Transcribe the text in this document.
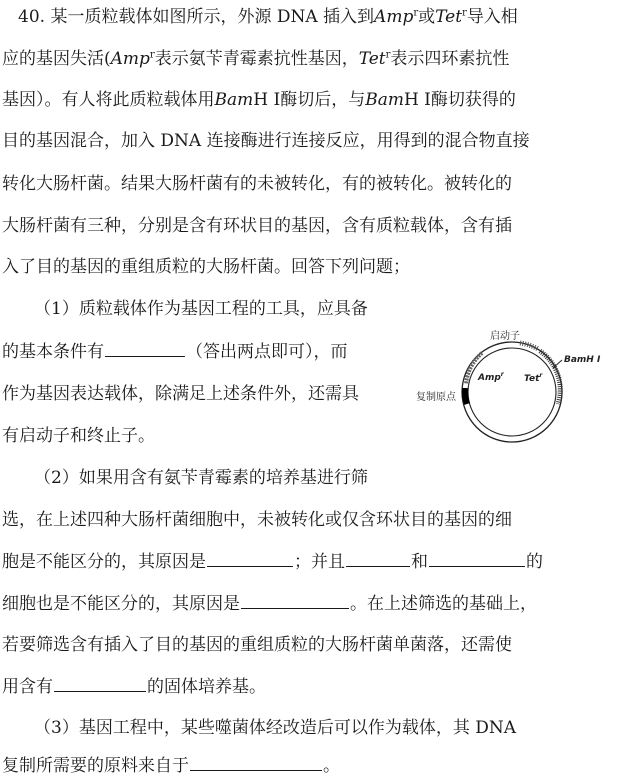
40. 某一质粒载体如图所示，外源 DNA 插入到Amp$^r$或Tet$^r$导入相
应的基因失活(Amp$^r$表示氨苄青霉素抗性基因，Tet$^r$表示四环素抗性
基因）。有人将此质粒载体用BamH Ⅰ酶切后，与BamH Ⅰ酶切获得的
目的基因混合，加入 DNA 连接酶进行连接反应，用得到的混合物直接
转化大肠杆菌。结果大肠杆菌有的未被转化，有的被转化。被转化的
大肠杆菌有三种，分别是含有环状目的基因，含有质粒载体，含有插
入了目的基因的重组质粒的大肠杆菌。回答下列问题；
（1）质粒载体作为基因工程的工具，应具备
的基本条件有	（答出两点即可），而
作为基因表达载体，除满足上述条件外，还需具
有启动子和终止子。
启动子
BamH I
Amp$^r$ Tet$^r$
复制原点
（2）如果用含有氨苄青霉素的培养基进行筛
选，在上述四种大肠杆菌细胞中，未被转化或仅含环状目的基因的细
胞是不能区分的，其原因是	；并且	和	的
细胞也是不能区分的，其原因是	。在上述筛选的基础上，
若要筛选含有插入了目的基因的重组质粒的大肠杆菌单菌落，还需使
用含有	的固体培养基。
（3）基因工程中，某些噬菌体经改造后可以作为载体，其 DNA
复制所需要的原料来自于	。
